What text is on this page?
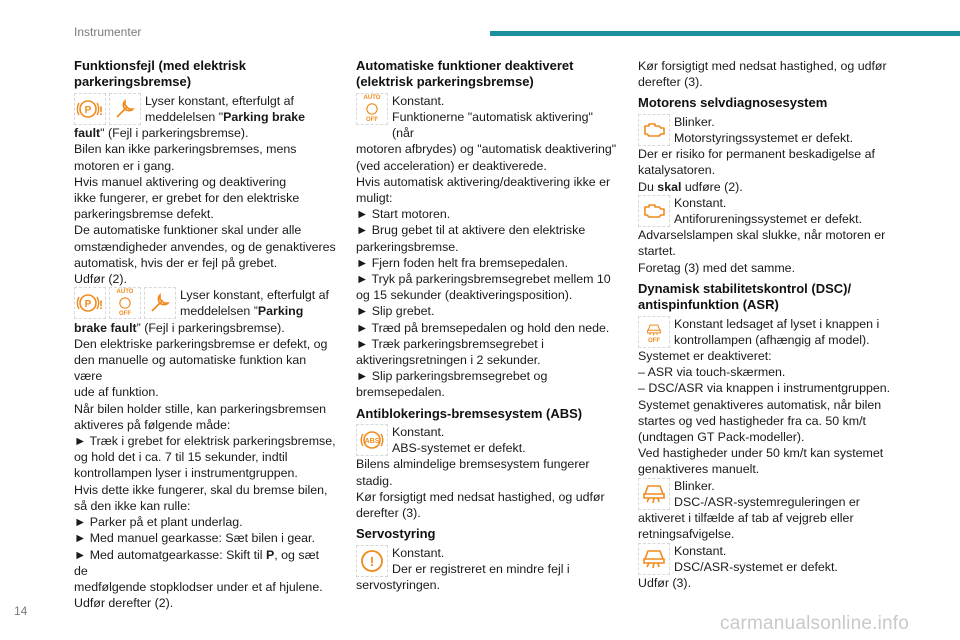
Instrumenter
Funktionsfejl (med elektrisk parkeringsbremse)
P !

Lyser konstant, efterfulgt af

meddelelsen "Parking brake

fault" (Fejl i parkeringsbremse).

Bilen kan ikke parkeringsbremses, mens

motoren er i gang.

Hvis manuel aktivering og deaktivering

ikke fungerer, er grebet for den elektriske

parkeringsbremse defekt.

De automatiske funktioner skal under alle

omstændigheder anvendes, og de genaktiveres

automatisk, hvis der er fejl på grebet.

Udfør (2).

P !
AUTO
OFF

Lyser konstant, efterfulgt af

meddelelsen ”Parking

brake fault” (Fejl i parkeringsbremse).

Den elektriske parkeringsbremse er defekt, og

den manuelle og automatiske funktion kan være

ude af funktion.

Når bilen holder stille, kan parkeringsbremsen

aktiveres på følgende måde:

► Træk i grebet for elektrisk parkeringsbremse,

og hold det i ca. 7 til 15 sekunder, indtil

kontrollampen lyser i instrumentgruppen.

Hvis dette ikke fungerer, skal du bremse bilen,

så den ikke kan rulle:

► Parker på et plant underlag.

► Med manuel gearkasse: Sæt bilen i gear.

► Med automatgearkasse: Skift til P, og sæt de

medfølgende stopklodser under et af hjulene.

Udfør derefter (2).

Automatiske funktioner deaktiveret (elektrisk parkeringsbremse)
AUTO
OFF

Konstant.

Funktionerne "automatisk aktivering" (når

motoren afbrydes) og "automatisk deaktivering"

(ved acceleration) er deaktiverede.

Hvis automatisk aktivering/deaktivering ikke er

muligt:

► Start motoren.

► Brug gebet til at aktivere den elektriske

parkeringsbremse.

► Fjern foden helt fra bremsepedalen.

► Tryk på parkeringsbremsegrebet mellem 10

og 15 sekunder (deaktiveringsposition).

► Slip grebet.

► Træd på bremsepedalen og hold den nede.

► Træk parkeringsbremsegrebet i

aktiveringsretningen i 2 sekunder.

► Slip parkeringsbremsegrebet og

bremsepedalen.

Antiblokerings-bremsesystem (ABS)
ABS

Konstant.

ABS-systemet er defekt.

Bilens almindelige bremsesystem fungerer

stadig.

Kør forsigtigt med nedsat hastighed, og udfør

derefter (3).

Servostyring
!

Konstant.

Der er registreret en mindre fejl i

servostyringen.

Kør forsigtigt med nedsat hastighed, og udfør

derefter (3).

Motorens selvdiagnosesystem

Blinker.

Motorstyringssystemet er defekt.

Der er risiko for permanent beskadigelse af

katalysatoren.

Du skal udføre (2).

Konstant.

Antiforureningssystemet er defekt.

Advarselslampen skal slukke, når motoren er

startet.

Foretag (3) med det samme.

Dynamisk stabilitetskontrol (DSC)/ antispinfunktion (ASR)
OFF

Konstant ledsaget af lyset i knappen i

kontrollampen (afhængig af model).

Systemet er deaktiveret:

– ASR via touch-skærmen.

– DSC/ASR via knappen i instrumentgruppen.

Systemet genaktiveres automatisk, når bilen

startes og ved hastigheder fra ca. 50 km/t

(undtagen GT Pack-modeller).

Ved hastigheder under 50 km/t kan systemet

genaktiveres manuelt.

Blinker.

DSC-/ASR-systemreguleringen er

aktiveret i tilfælde af tab af vejgreb eller

retningsafvigelse.

Konstant.

DSC/ASR-systemet er defekt.

Udfør (3).

14
carmanualsonline.info
